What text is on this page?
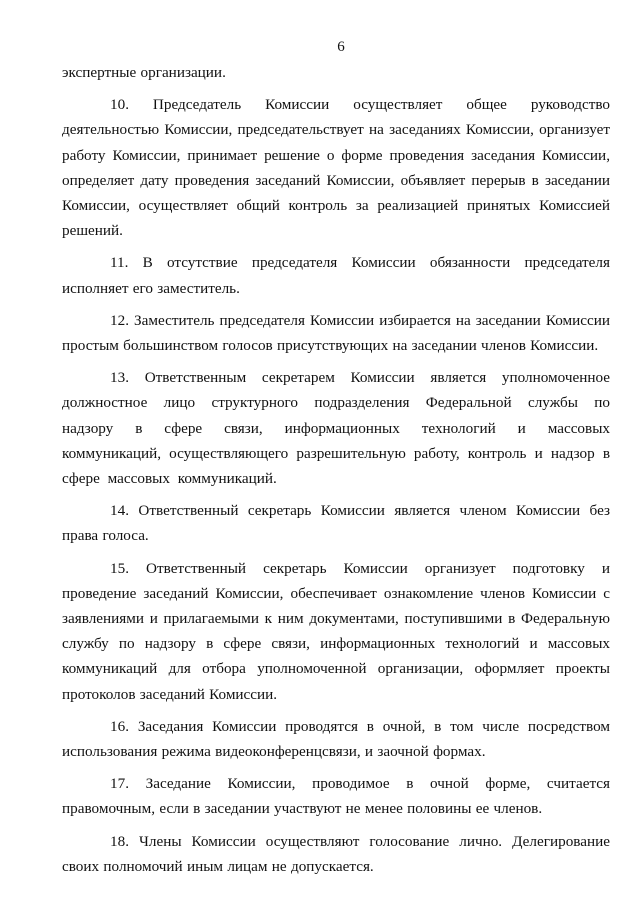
6

экспертные организации.

10. Председатель Комиссии осуществляет общее руководство деятельностью Комиссии, председательствует на заседаниях Комиссии, организует работу Комиссии, принимает решение о форме проведения заседания Комиссии, определяет дату проведения заседаний Комиссии, объявляет перерыв в заседании Комиссии, осуществляет общий контроль за реализацией принятых Комиссией решений.

11. В отсутствие председателя Комиссии обязанности председателя исполняет его заместитель.

12. Заместитель председателя Комиссии избирается на заседании Комиссии простым большинством голосов присутствующих на заседании членов Комиссии.

13. Ответственным секретарем Комиссии является уполномоченное должностное лицо структурного подразделения Федеральной службы по надзору в сфере связи, информационных технологий и массовых коммуникаций, осуществляющего разрешительную работу, контроль и надзор в сфере массовых коммуникаций.

14. Ответственный секретарь Комиссии является членом Комиссии без права голоса.

15. Ответственный секретарь Комиссии организует подготовку и проведение заседаний Комиссии, обеспечивает ознакомление членов Комиссии с заявлениями и прилагаемыми к ним документами, поступившими в Федеральную службу по надзору в сфере связи, информационных технологий и массовых коммуникаций для отбора уполномоченной организации, оформляет проекты протоколов заседаний Комиссии.

16. Заседания Комиссии проводятся в очной, в том числе посредством использования режима видеоконференцсвязи, и заочной формах.

17. Заседание Комиссии, проводимое в очной форме, считается правомочным, если в заседании участвуют не менее половины ее членов.

18. Члены Комиссии осуществляют голосование лично. Делегирование своих полномочий иным лицам не допускается.
